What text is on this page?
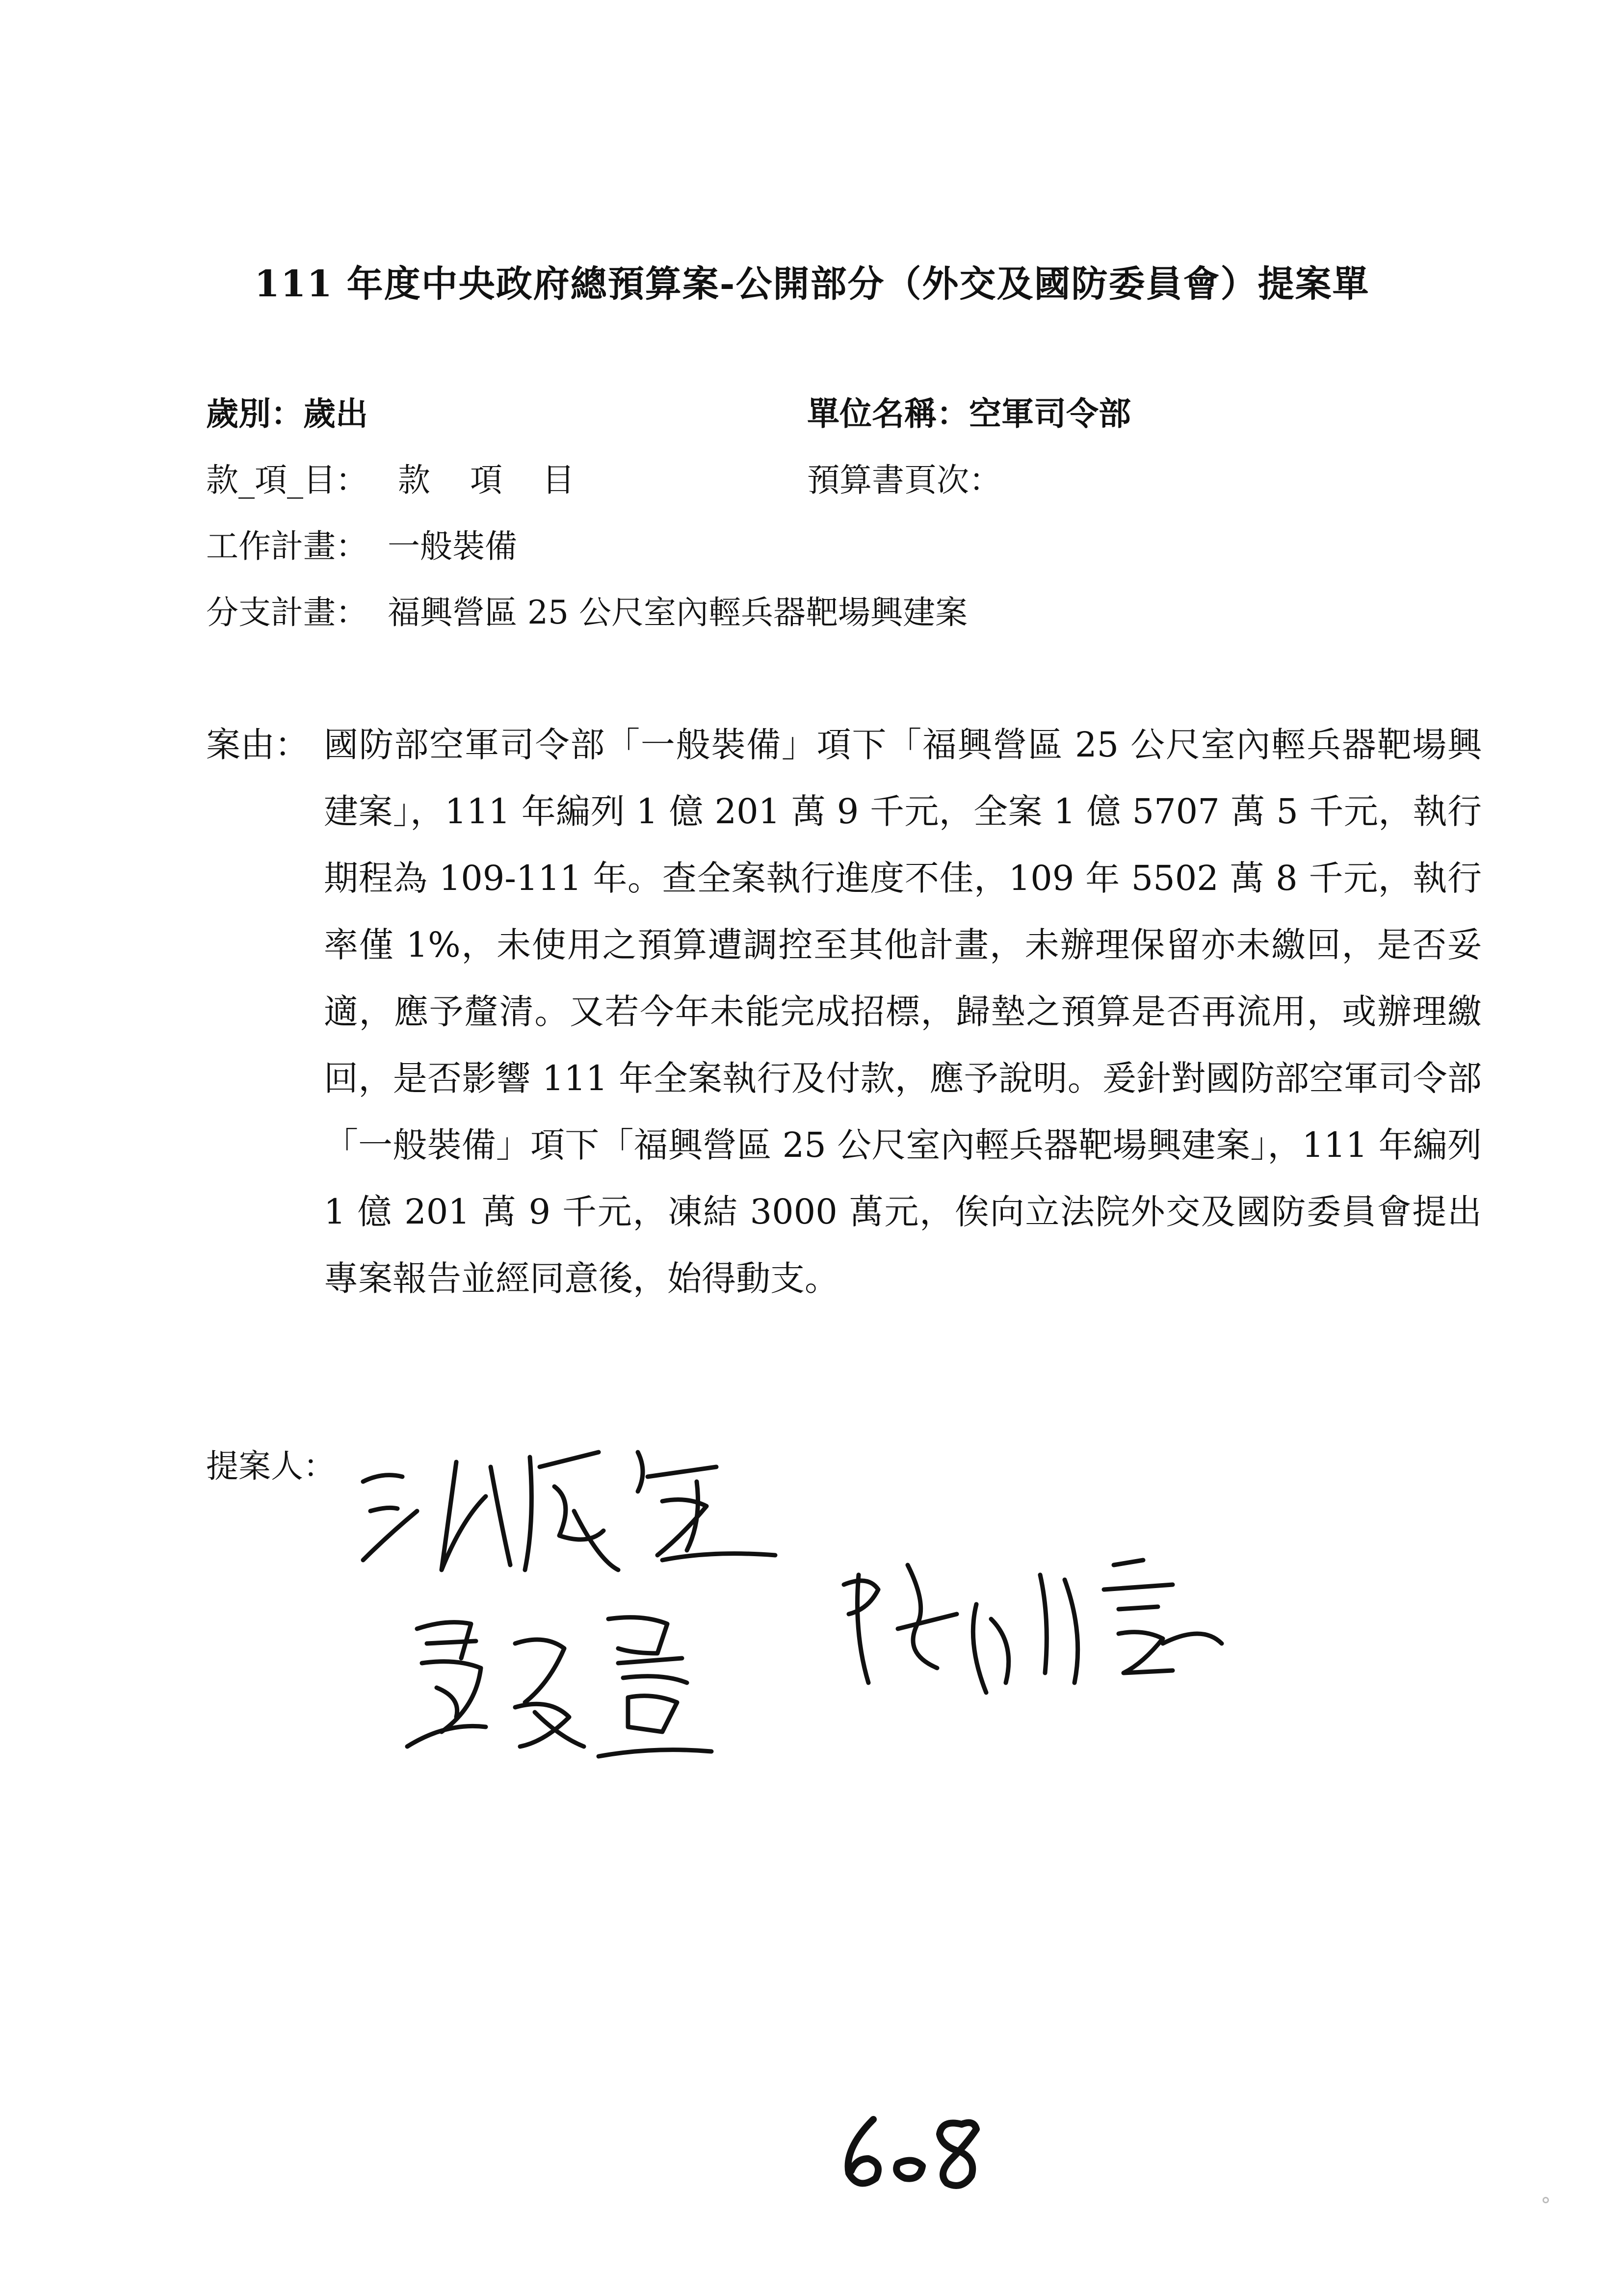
111 年度中央政府總預算案-公開部分（外交及國防委員會）提案單
歲別：歲出	單位名稱：空軍司令部
款_項_目： 款 項 目	預算書頁次：
工作計畫： 一般裝備
分支計畫： 福興營區 25 公尺室內輕兵器靶場興建案
案由： 國防部空軍司令部「一般裝備」項下「福興營區 25 公尺室內輕兵器靶場興建案」，111 年編列 1 億 201 萬 9 千元，全案 1 億 5707 萬 5 千元，執行期程為 109-111 年。查全案執行進度不佳，109 年 5502 萬 8 千元，執行率僅 1%，未使用之預算遭調控至其他計畫，未辦理保留亦未繳回，是否妥適，應予釐清。又若今年未能完成招標，歸墊之預算是否再流用，或辦理繳回，是否影響 111 年全案執行及付款，應予說明。爰針對國防部空軍司令部「一般裝備」項下「福興營區 25 公尺室內輕兵器靶場興建案」，111 年編列 1 億 201 萬 9 千元，凍結 3000 萬元，俟向立法院外交及國防委員會提出專案報告並經同意後，始得動支。
提案人：
°
